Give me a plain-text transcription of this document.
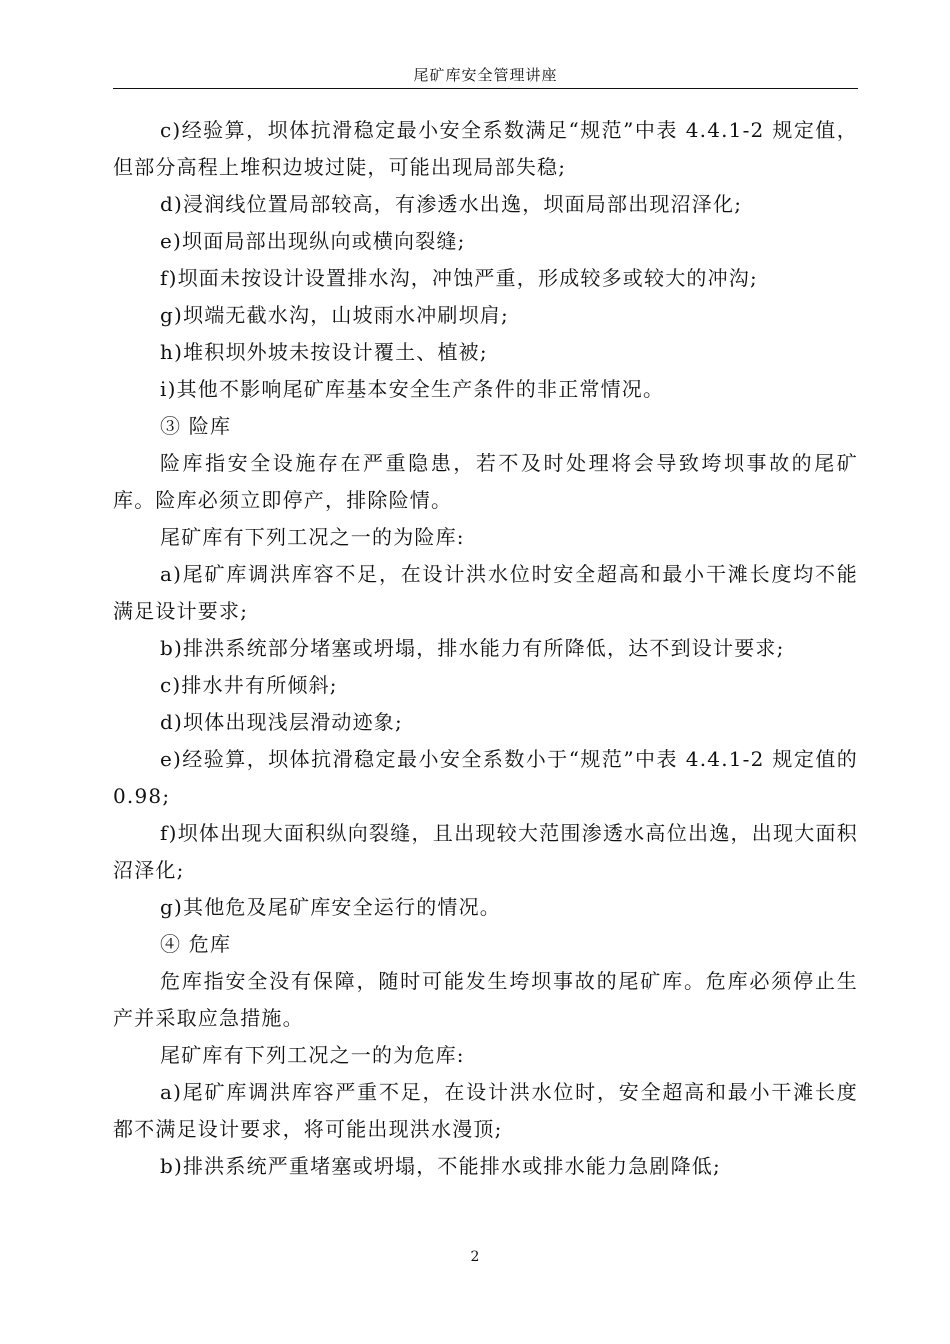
尾矿库安全管理讲座

c)经验算，坝体抗滑稳定最小安全系数满足“规范”中表 4.4.1-2 规定值，但部分高程上堆积边坡过陡，可能出现局部失稳;

d)浸润线位置局部较高，有渗透水出逸，坝面局部出现沼泽化;

e)坝面局部出现纵向或横向裂缝;

f)坝面未按设计设置排水沟，冲蚀严重，形成较多或较大的冲沟;

g)坝端无截水沟，山坡雨水冲刷坝肩;

h)堆积坝外坡未按设计覆土、植被;

i)其他不影响尾矿库基本安全生产条件的非正常情况。

③ 险库

险库指安全设施存在严重隐患，若不及时处理将会导致垮坝事故的尾矿库。险库必须立即停产，排除险情。

尾矿库有下列工况之一的为险库:

a)尾矿库调洪库容不足，在设计洪水位时安全超高和最小干滩长度均不能满足设计要求;

b)排洪系统部分堵塞或坍塌，排水能力有所降低，达不到设计要求;

c)排水井有所倾斜;

d)坝体出现浅层滑动迹象;

e)经验算，坝体抗滑稳定最小安全系数小于“规范”中表 4.4.1-2 规定值的 0.98;

f)坝体出现大面积纵向裂缝，且出现较大范围渗透水高位出逸，出现大面积沼泽化;

g)其他危及尾矿库安全运行的情况。

④ 危库

危库指安全没有保障，随时可能发生垮坝事故的尾矿库。危库必须停止生产并采取应急措施。

尾矿库有下列工况之一的为危库:

a)尾矿库调洪库容严重不足，在设计洪水位时，安全超高和最小干滩长度都不满足设计要求，将可能出现洪水漫顶;

b)排洪系统严重堵塞或坍塌，不能排水或排水能力急剧降低;

2
